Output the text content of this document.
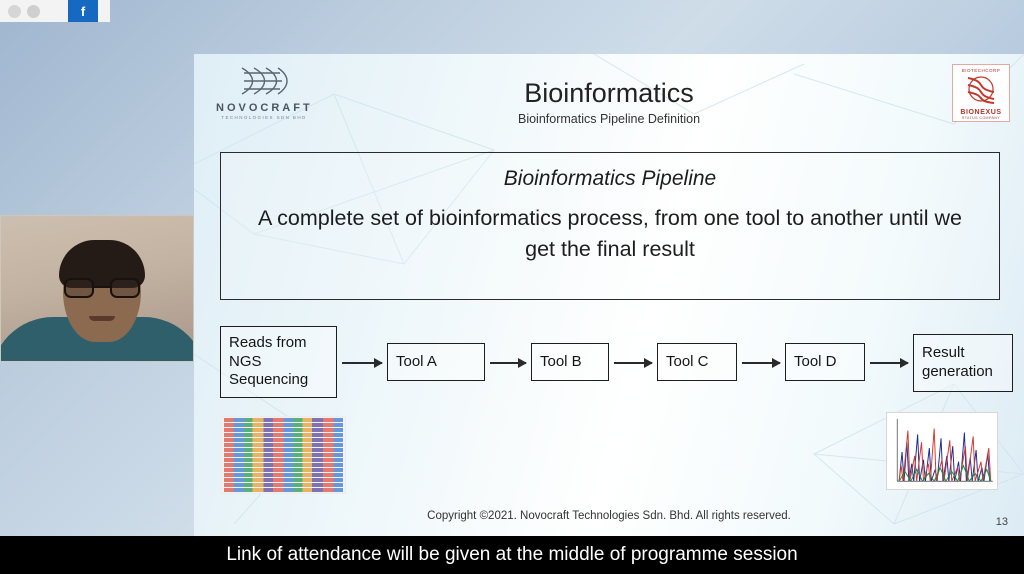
f
NOVOCRAFT
TECHNOLOGIES SDN BHD
BIOTECHCORP
BIONEXUS
STATUS COMPANY
Bioinformatics
Bioinformatics Pipeline Definition
Bioinformatics Pipeline
A complete set of bioinformatics process, from one tool to another until we get the final result
Reads from NGS Sequencing
Tool A	Tool B	Tool C	Tool D	Result generation
Copyright ©2021. Novocraft Technologies Sdn. Bhd. All rights reserved.	13
Link of attendance will be given at the middle of programme session
